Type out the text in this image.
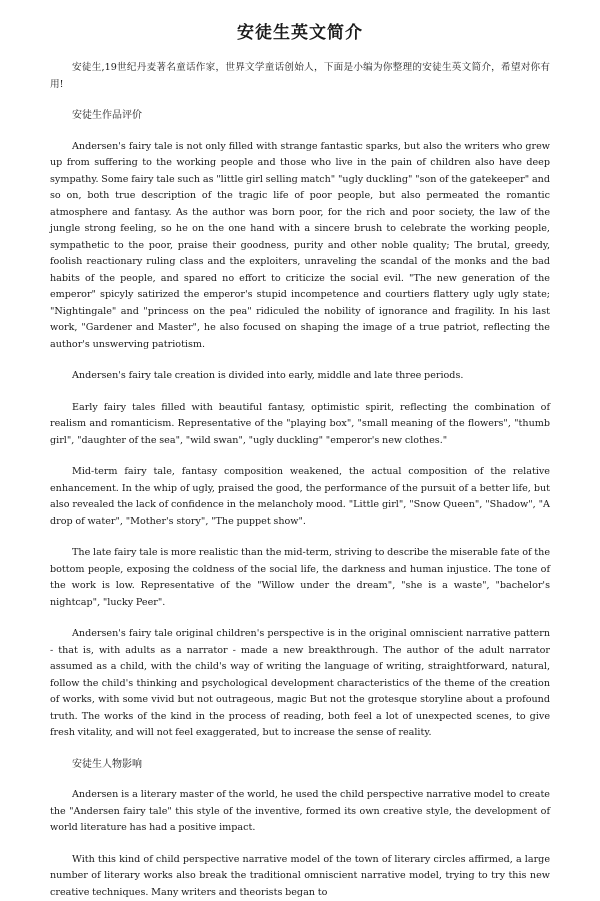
安徒生英文简介

安徒生,19世纪丹麦著名童话作家，世界文学童话创始人，下面是小编为你整理的安徒生英文简介，希望对你有用!

安徒生作品评价

Andersen's fairy tale is not only filled with strange fantastic sparks, but also the writers who grew up from suffering to the working people and those who live in the pain of children also have deep sympathy. Some fairy tale such as "little girl selling match" "ugly duckling" "son of the gatekeeper" and so on, both true description of the tragic life of poor people, but also permeated the romantic atmosphere and fantasy. As the author was born poor, for the rich and poor society, the law of the jungle strong feeling, so he on the one hand with a sincere brush to celebrate the working people, sympathetic to the poor, praise their goodness, purity and other noble quality; The brutal, greedy, foolish reactionary ruling class and the exploiters, unraveling the scandal of the monks and the bad habits of the people, and spared no effort to criticize the social evil. "The new generation of the emperor" spicyly satirized the emperor's stupid incompetence and courtiers flattery ugly ugly state; "Nightingale" and "princess on the pea" ridiculed the nobility of ignorance and fragility. In his last work, "Gardener and Master", he also focused on shaping the image of a true patriot, reflecting the author's unswerving patriotism.

Andersen's fairy tale creation is divided into early, middle and late three periods.

Early fairy tales filled with beautiful fantasy, optimistic spirit, reflecting the combination of realism and romanticism. Representative of the "playing box", "small meaning of the flowers", "thumb girl", "daughter of the sea", "wild swan", "ugly duckling" "emperor's new clothes."

Mid-term fairy tale, fantasy composition weakened, the actual composition of the relative enhancement. In the whip of ugly, praised the good, the performance of the pursuit of a better life, but also revealed the lack of confidence in the melancholy mood. "Little girl", "Snow Queen", "Shadow", "A drop of water", "Mother's story", "The puppet show".

The late fairy tale is more realistic than the mid-term, striving to describe the miserable fate of the bottom people, exposing the coldness of the social life, the darkness and human injustice. The tone of the work is low. Representative of the "Willow under the dream", "she is a waste", "bachelor's nightcap", "lucky Peer".

Andersen's fairy tale original children's perspective is in the original omniscient narrative pattern - that is, with adults as a narrator - made a new breakthrough. The author of the adult narrator assumed as a child, with the child's way of writing the language of writing, straightforward, natural, follow the child's thinking and psychological development characteristics of the theme of the creation of works, with some vivid but not outrageous, magic But not the grotesque storyline about a profound truth. The works of the kind in the process of reading, both feel a lot of unexpected scenes, to give fresh vitality, and will not feel exaggerated, but to increase the sense of reality.

安徒生人物影响

Andersen is a literary master of the world, he used the child perspective narrative model to create the "Andersen fairy tale" this style of the inventive, formed its own creative style, the development of world literature has had a positive impact.

With this kind of child perspective narrative model of the town of literary circles affirmed, a large number of literary works also break the traditional omniscient narrative model, trying to try this new creative techniques. Many writers and theorists began to
